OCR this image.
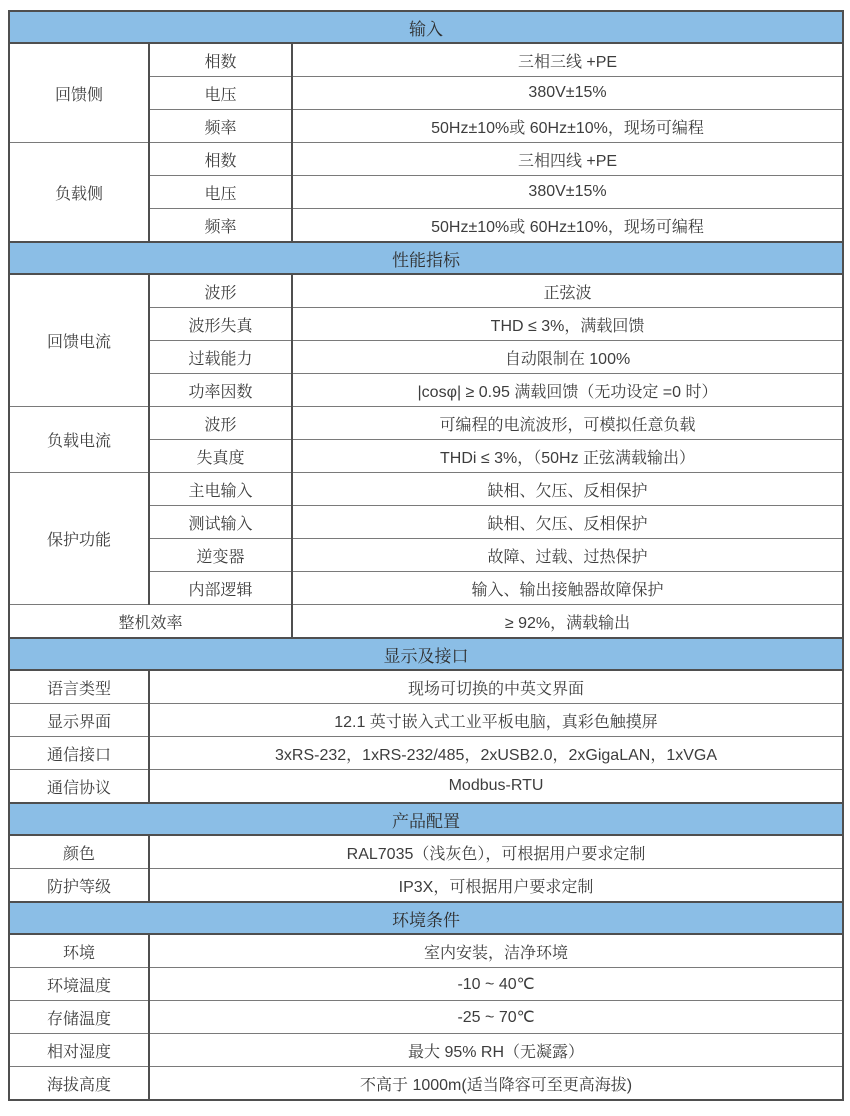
输入		
回馈侧	相数	三相三线 +PE
	电压	380V±15%
	频率	50Hz±10%或 60Hz±10%，现场可编程
负载侧	相数	三相四线 +PE
	电压	380V±15%
	频率	50Hz±10%或 60Hz±10%，现场可编程
性能指标		
回馈电流	波形	正弦波
	波形失真	THD ≤ 3%，满载回馈
	过载能力	自动限制在 100%
	功率因数	|cosφ| ≥ 0.95 满载回馈（无功设定 =0 时）
负载电流	波形	可编程的电流波形，可模拟任意负载
	失真度	THDi ≤ 3%，（50Hz 正弦满载输出）
保护功能	主电输入	缺相、欠压、反相保护
	测试输入	缺相、欠压、反相保护
	逆变器	故障、过载、过热保护
	内部逻辑	输入、输出接触器故障保护
整机效率		≥ 92%，满载输出
显示及接口		
语言类型	现场可切换的中英文界面	
显示界面	12.1 英寸嵌入式工业平板电脑，真彩色触摸屏	
通信接口	3xRS-232，1xRS-232/485，2xUSB2.0，2xGigaLAN，1xVGA	
通信协议	Modbus-RTU	
产品配置		
颜色	RAL7035（浅灰色），可根据用户要求定制	
防护等级	IP3X，可根据用户要求定制	
环境条件		
环境	室内安装，洁净环境	
环境温度	-10 ~ 40℃	
存储温度	-25 ~ 70℃	
相对湿度	最大 95% RH（无凝露）	
海拔高度	不高于 1000m(适当降容可至更高海拔)	
